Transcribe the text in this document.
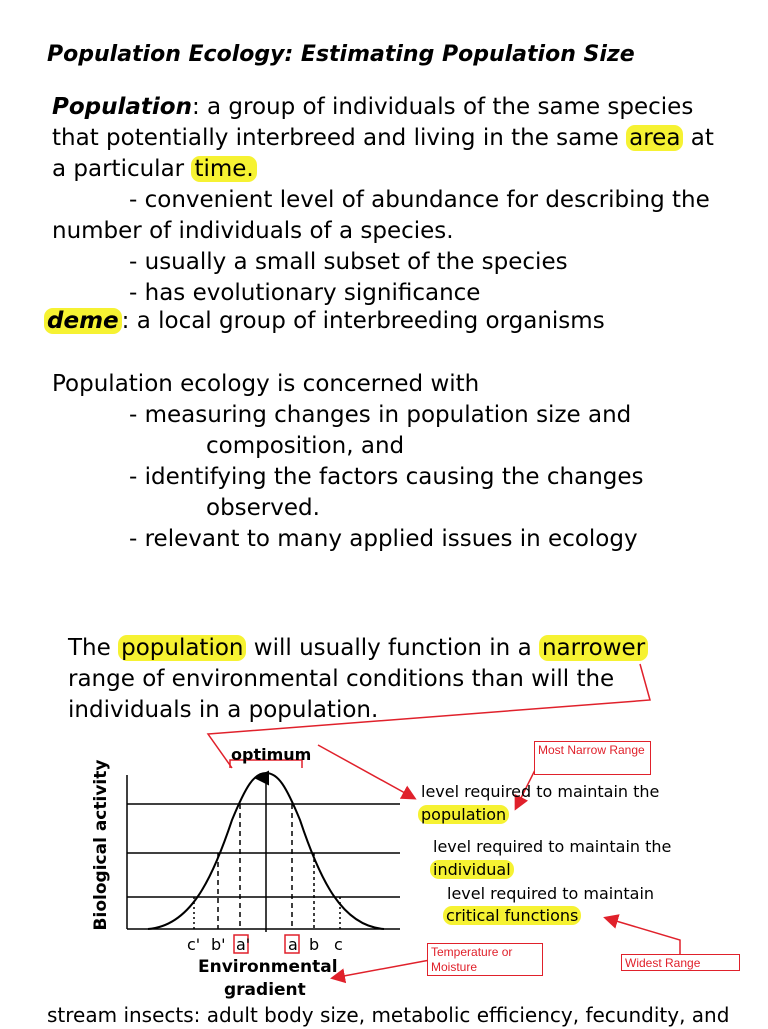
Population Ecology: Estimating Population Size
Population: a group of individuals of the same species
that potentially interbreed and living in the same area at
a particular time.
- convenient level of abundance for describing the
number of individuals of a species.
- usually a small subset of the species
- has evolutionary significance
deme : a local group of interbreeding organisms
Population ecology is concerned with
- measuring changes in population size and
composition, and
- identifying the factors causing the changes
observed.
- relevant to many applied issues in ecology
The population will usually function in a narrower
range of environmental conditions than will the
individuals in a population.
optimum
Biological activity
c' b' a' a b c
Environmental
gradient
level required to maintain the
population
level required to maintain the
individual
level required to maintain
critical functions
Most Narrow Range
Temperature or Moisture	Widest Range
stream insects: adult body size, metabolic efficiency, fecundity, and
